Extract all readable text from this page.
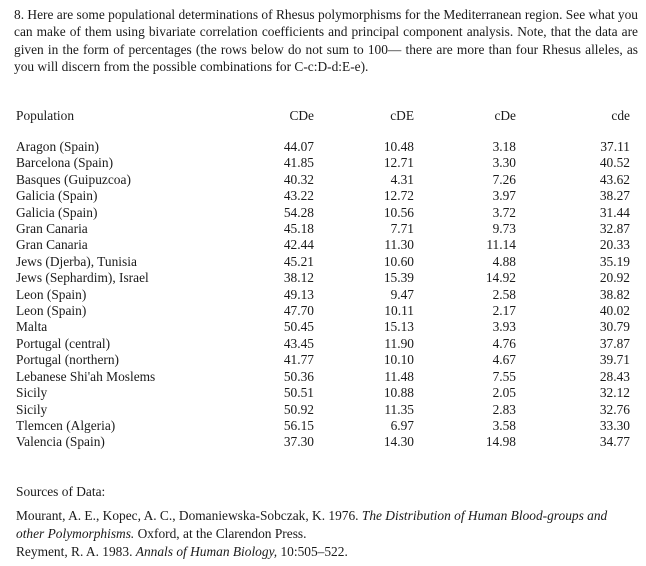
8. Here are some populational determinations of Rhesus polymorphisms for the Mediterranean region. See what you can make of them using bivariate correlation coefficients and principal component analysis. Note, that the data are given in the form of percentages (the rows below do not sum to 100— there are more than four Rhesus alleles, as you will discern from the possible combinations for C-c:D-d:E-e).

Population	CDe	cDE	cDe	cde

Aragon (Spain)	44.07	10.48	3.18	37.11
Barcelona (Spain)	41.85	12.71	3.30	40.52
Basques (Guipuzcoa)	40.32	4.31	7.26	43.62
Galicia (Spain)	43.22	12.72	3.97	38.27
Galicia (Spain)	54.28	10.56	3.72	31.44
Gran Canaria	45.18	7.71	9.73	32.87
Gran Canaria	42.44	11.30	11.14	20.33
Jews (Djerba), Tunisia	45.21	10.60	4.88	35.19
Jews (Sephardim), Israel	38.12	15.39	14.92	20.92
Leon (Spain)	49.13	9.47	2.58	38.82
Leon (Spain)	47.70	10.11	2.17	40.02
Malta	50.45	15.13	3.93	30.79
Portugal (central)	43.45	11.90	4.76	37.87
Portugal (northern)	41.77	10.10	4.67	39.71
Lebanese Shi'ah Moslems	50.36	11.48	7.55	28.43
Sicily	50.51	10.88	2.05	32.12
Sicily	50.92	11.35	2.83	32.76
Tlemcen (Algeria)	56.15	6.97	3.58	33.30
Valencia (Spain)	37.30	14.30	14.98	34.77

Sources of Data:

Mourant, A. E., Kopec, A. C., Domaniewska-Sobczak, K. 1976. The Distribution of Human Blood-groups and other Polymorphisms. Oxford, at the Clarendon Press.

Reyment, R. A. 1983. Annals of Human Biology, 10:505–522.
